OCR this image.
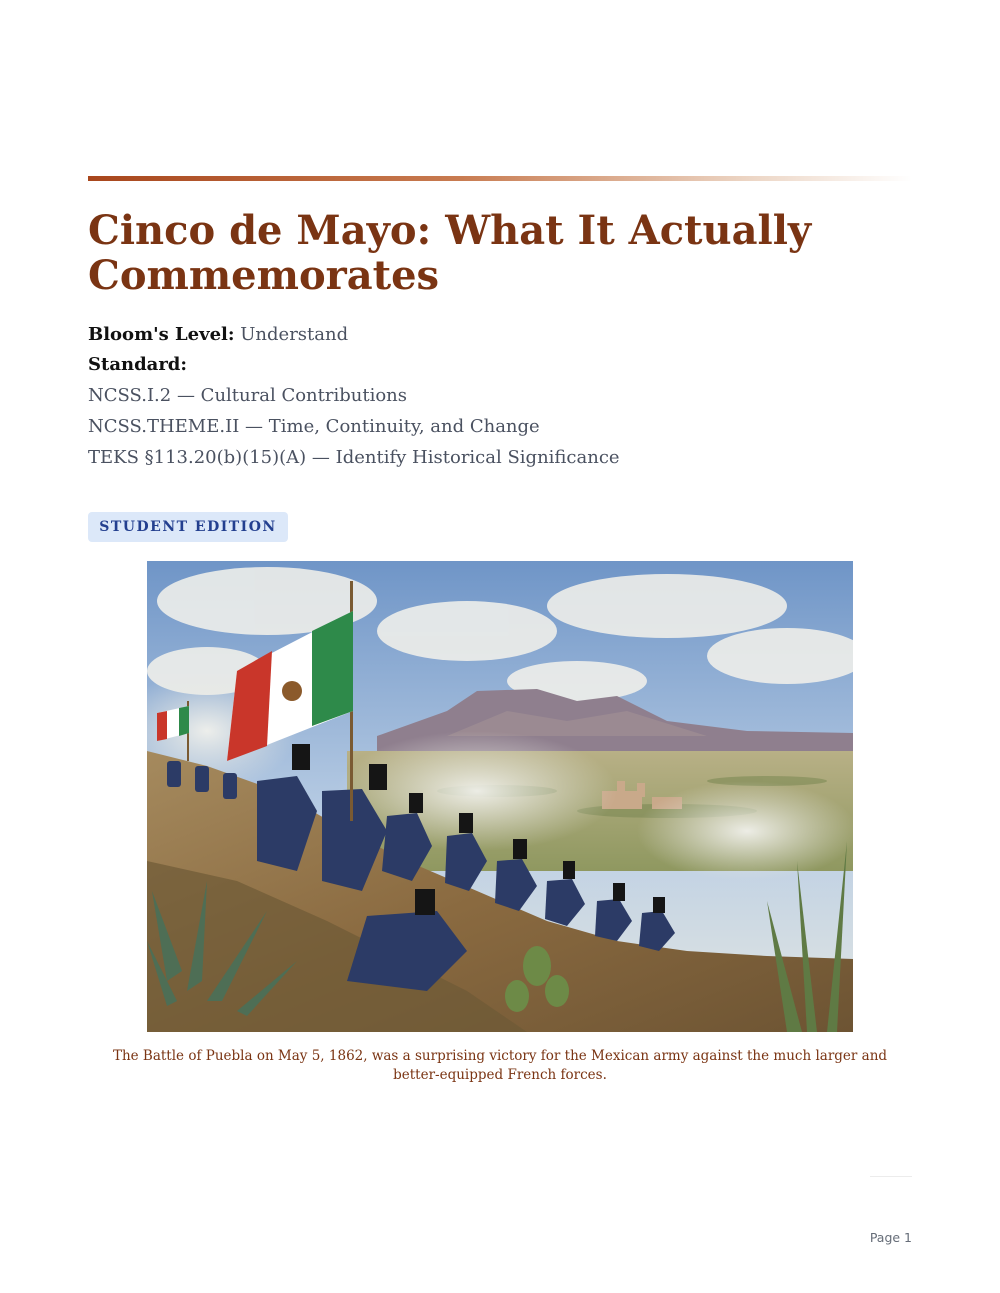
Cinco de Mayo: What It Actually Commemorates
Bloom's Level: Understand
Standard:
NCSS.I.2 — Cultural Contributions
NCSS.THEME.II — Time, Continuity, and Change
TEKS §113.20(b)(15)(A) — Identify Historical Significance
STUDENT EDITION
The Battle of Puebla on May 5, 1862, was a surprising victory for the Mexican army against the much larger and better-equipped French forces.
Page 1
